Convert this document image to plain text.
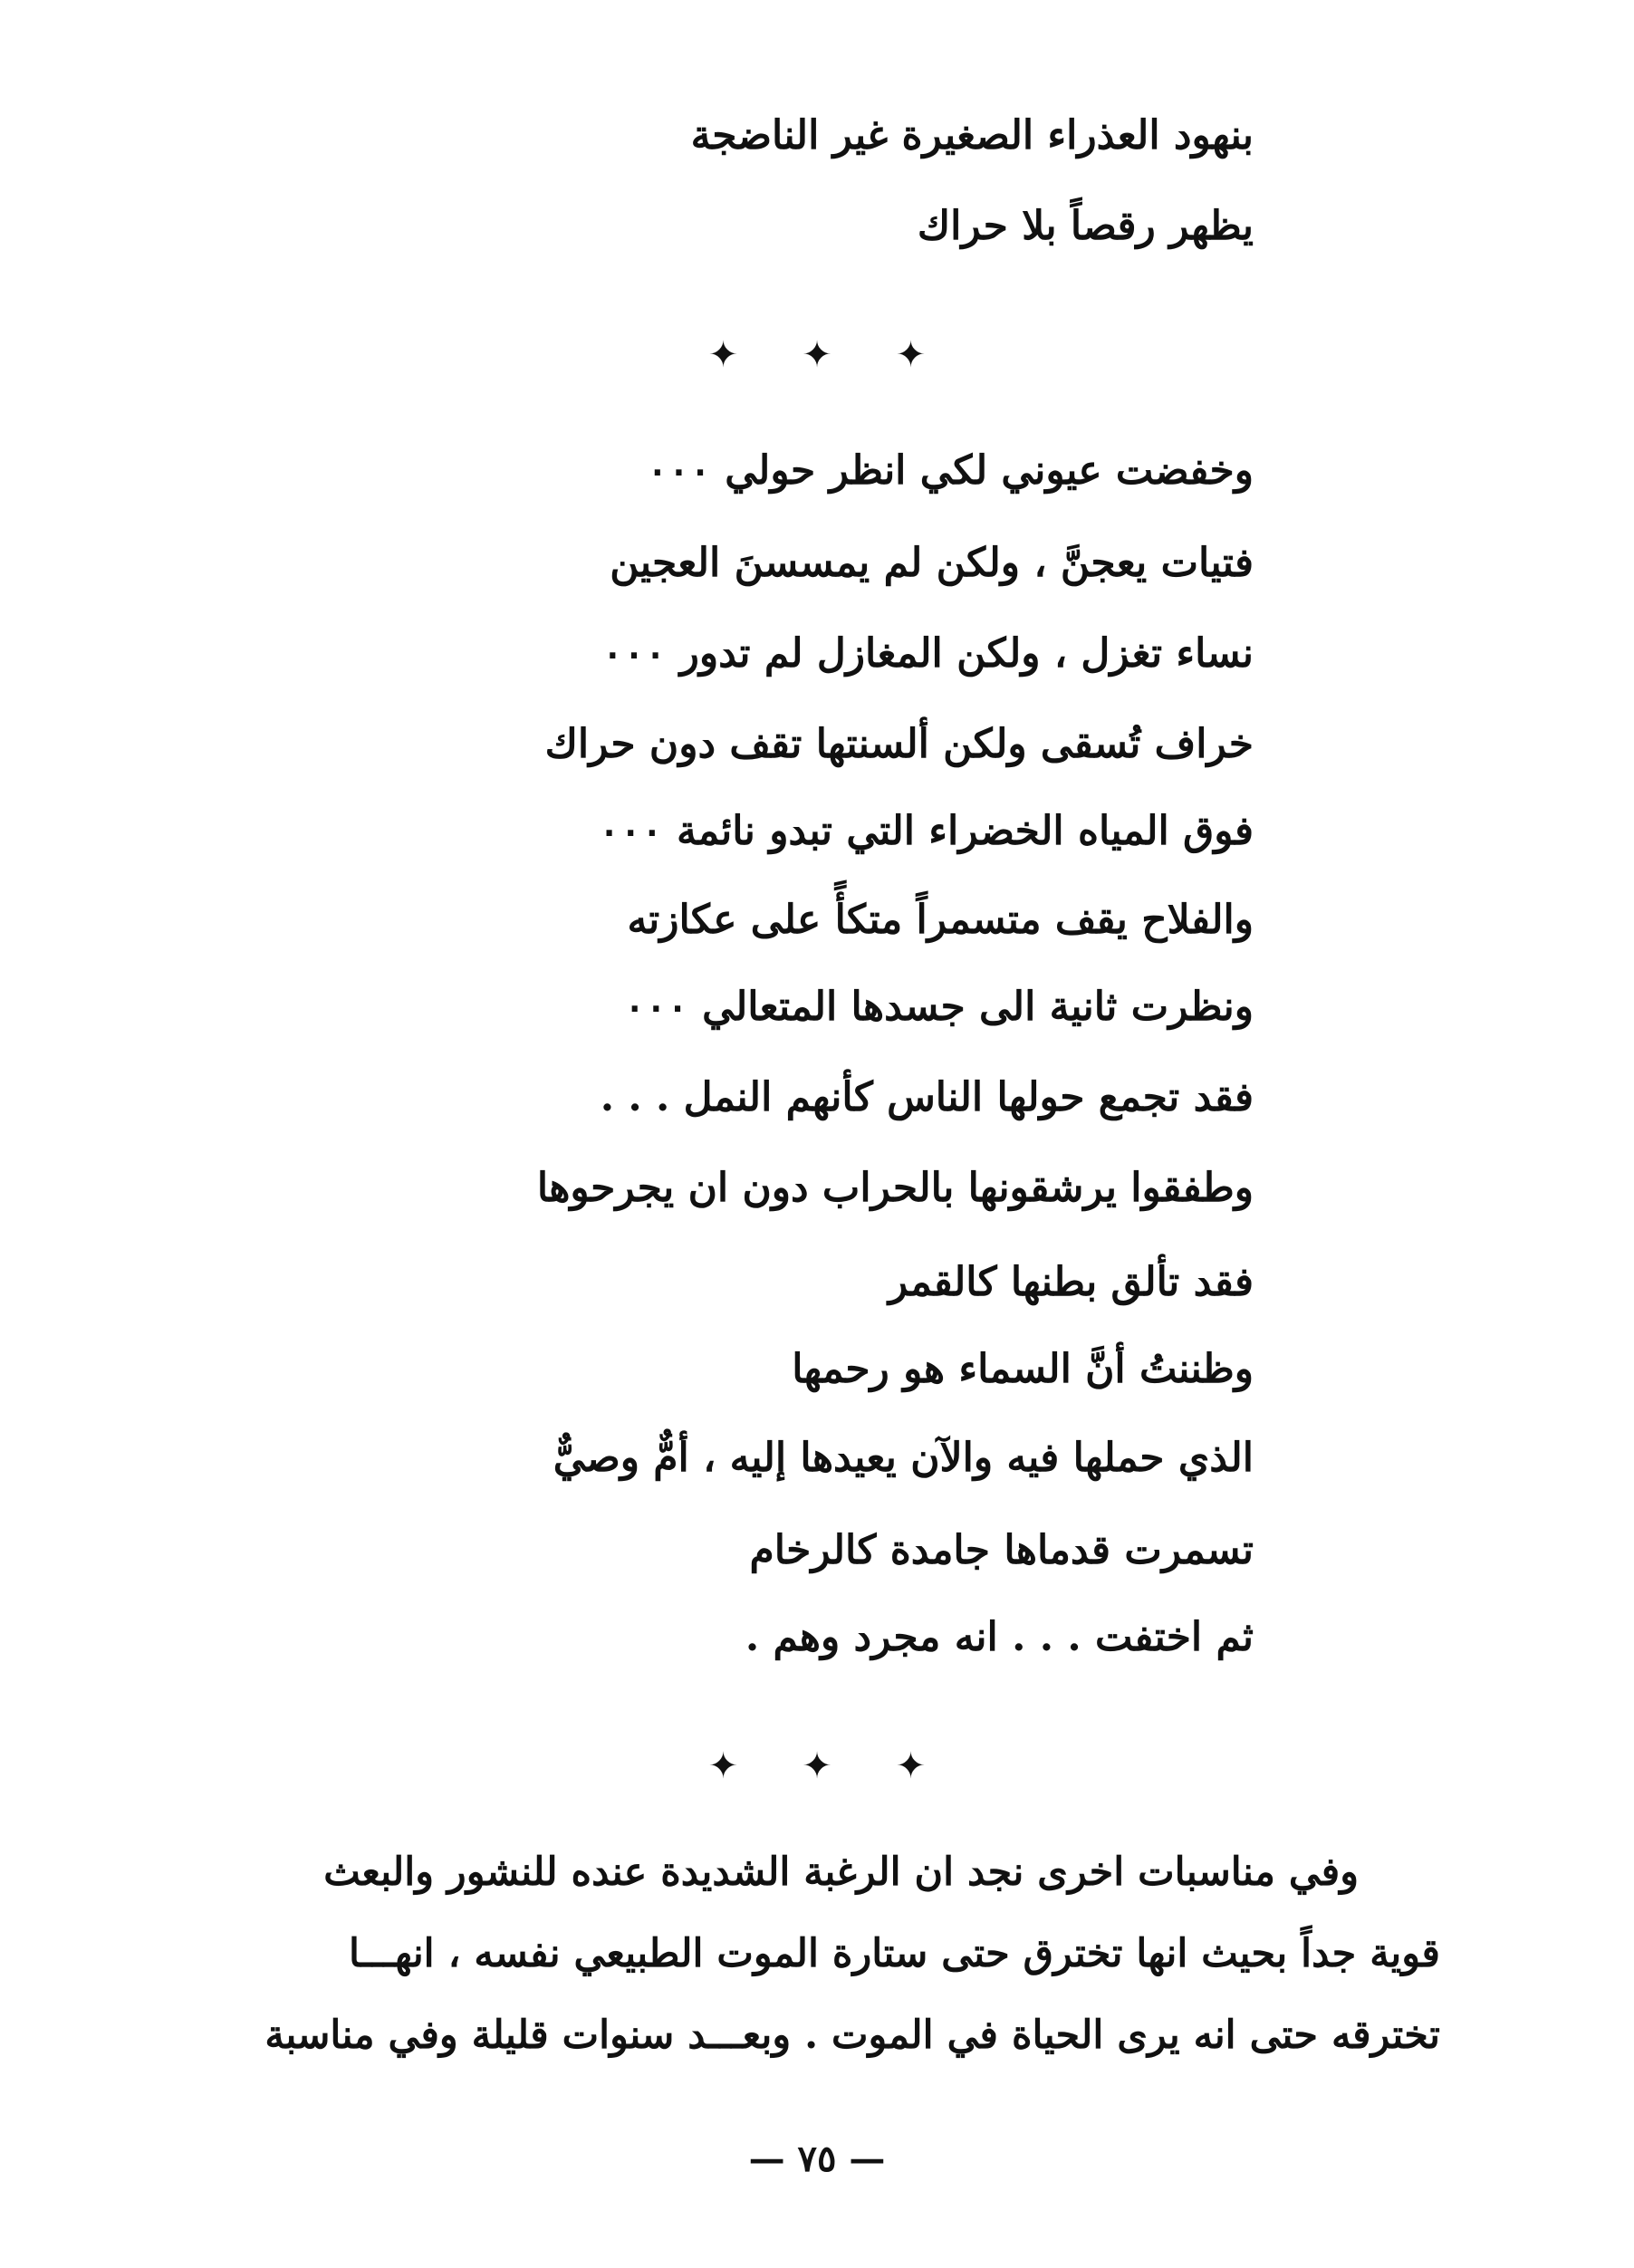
بنهود العذراء الصغيرة غير الناضجة
يظهر رقصاً بلا حراك
✦✦✦
وخفضت عيوني لكي انظر حولي ٠٠٠
فتيات يعجنَّ ، ولكن لم يمسسنَ العجين
نساء تغزل ، ولكن المغازل لم تدور ٠٠٠
خراف تُسقى ولكن ألسنتها تقف دون حراك
فوق المياه الخضراء التي تبدو نائمة ٠٠٠
والفلاح يقف متسمراً متكأً على عكازته
ونظرت ثانية الى جسدها المتعالي ٠٠٠
فقد تجمع حولها الناس كأنهم النمل . . .
وطفقوا يرشقونها بالحراب دون ان يجرحوها
فقد تألق بطنها كالقمر
وظننتُ أنَّ السماء هو رحمها
الذي حملها فيه والآن يعيدها إليه ، أمٌّ وصيٌّ
تسمرت قدماها جامدة كالرخام
ثم اختفت . . . انه مجرد وهم .
✦✦✦
وفي مناسبات اخرى نجد ان الرغبة الشديدة عنده للنشور والبعث
قوية جداً بحيث انها تخترق حتى ستارة الموت الطبيعي نفسه ، انهـــا
تخترقه حتى انه يرى الحياة في الموت . وبعـــد سنوات قليلة وفي مناسبة
— ٧٥ —
